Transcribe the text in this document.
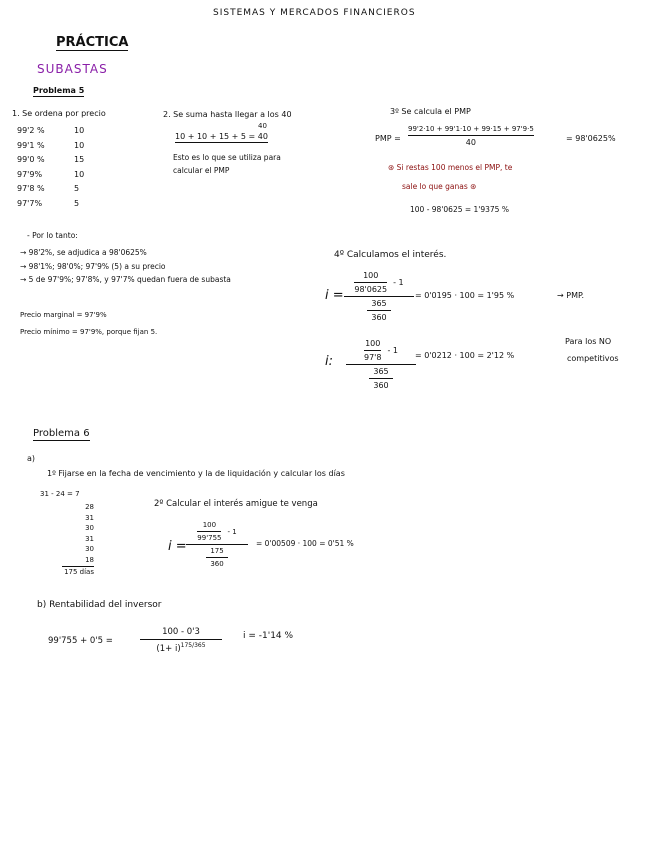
SISTEMAS Y MERCADOS FINANCIEROS
PRÁCTICA
SUBASTAS
Problema 5
1. Se ordena por precio
99'2 %
99'1 %
99'0 %
97'9%
97'8 %
97'7%
10
10
15
10
5
5
2. Se suma hasta llegar a los 40
40
10 + 10 + 15 + 5 = 40
Esto es lo que se utiliza para
calcular el PMP
3º Se calcula el PMP
PMP =
99'2·10 + 99'1·10 + 99·15 + 97'9·5
40	= 98'0625%
⊛ Si restas 100 menos el PMP, te
sale lo que ganas ⊛
100 - 98'0625 = 1'9375 %
- Por lo tanto:
→ 98'2%, se adjudica a 98'0625%
→ 98'1%; 98'0%; 97'9% (5) a su precio
→ 5 de 97'9%; 97'8%, y 97'7% quedan fuera de subasta
Precio marginal = 97'9%
Precio mínimo = 97'9%, porque fijan 5.
4º Calculamos el interés.
i =
100
98'0625
- 1
365
360
= 0'0195 · 100 = 1'95 %	→ PMP.
i:
100
97'8
- 1
365
360
= 0'0212 · 100 = 2'12 %
Para los NO
competitivos
Problema 6
a)
1º Fijarse en la fecha de vencimiento y la de liquidación y calcular los días
31 - 24 = 7
28
31
30
31
30
18
175 días
2º Calcular el interés amigue te venga
i =
100
99'755
- 1
175
360
= 0'00509 · 100 = 0'51 %
b) Rentabilidad del inversor
99'755 + 0'5 =
100 - 0'3
$(1+ i)^{175/365}$
i = -1'14 %
